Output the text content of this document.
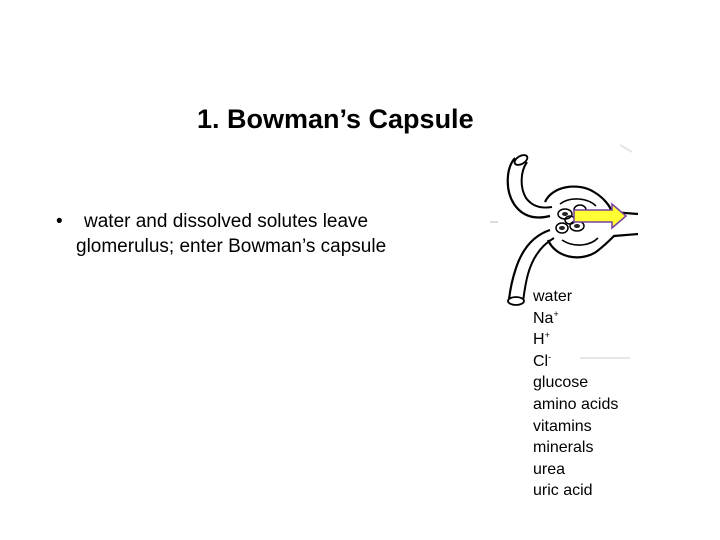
1. Bowman’s Capsule
• water and dissolved solutes leave
glomerulus; enter Bowman’s capsule
water
Na+
H+
Cl-
glucose
amino acids
vitamins
minerals
urea
uric acid
